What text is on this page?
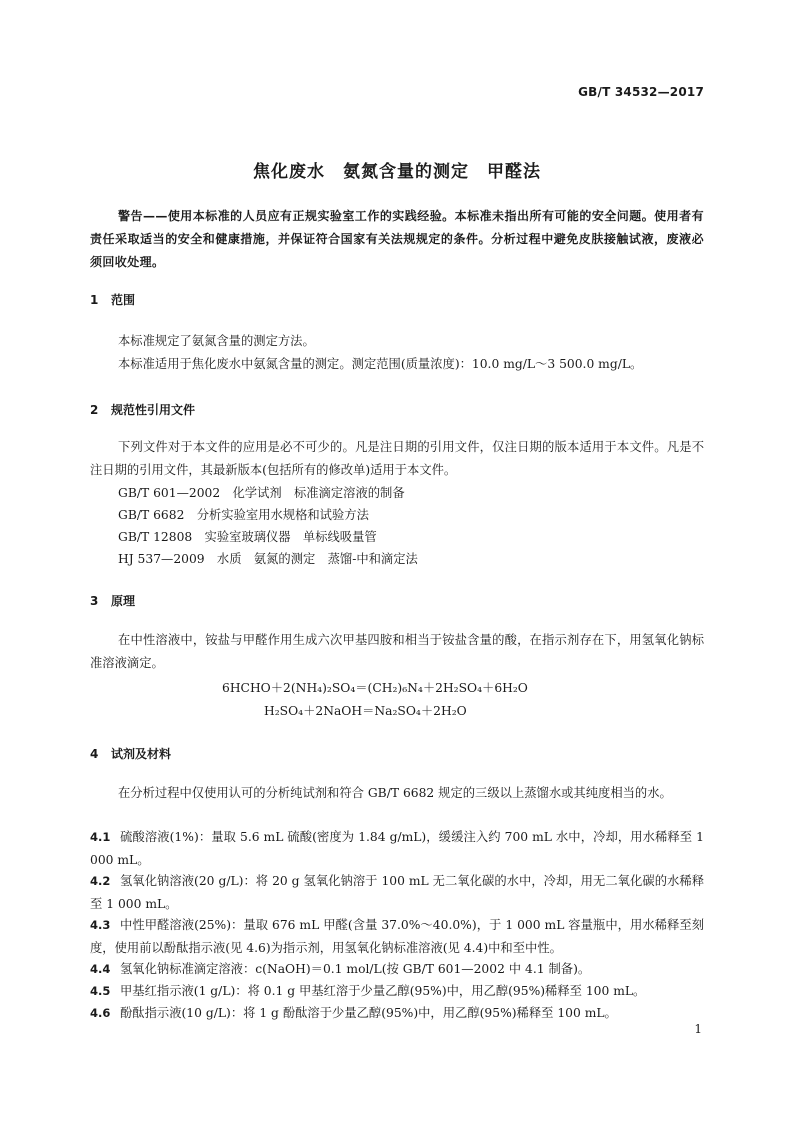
GB/T 34532—2017
焦化废水　氨氮含量的测定　甲醛法
警告——使用本标准的人员应有正规实验室工作的实践经验。本标准未指出所有可能的安全问题。使用者有责任采取适当的安全和健康措施，并保证符合国家有关法规规定的条件。分析过程中避免皮肤接触试液，废液必须回收处理。
1 范围
本标准规定了氨氮含量的测定方法。
本标准适用于焦化废水中氨氮含量的测定。测定范围(质量浓度)：10.0 mg/L～3 500.0 mg/L。
2 规范性引用文件
下列文件对于本文件的应用是必不可少的。凡是注日期的引用文件，仅注日期的版本适用于本文件。凡是不注日期的引用文件，其最新版本(包括所有的修改单)适用于本文件。
GB/T 601—2002　化学试剂　标准滴定溶液的制备
GB/T 6682　分析实验室用水规格和试验方法
GB/T 12808　实验室玻璃仪器　单标线吸量管
HJ 537—2009　水质　氨氮的测定　蒸馏-中和滴定法
3 原理
在中性溶液中，铵盐与甲醛作用生成六次甲基四胺和相当于铵盐含量的酸，在指示剂存在下，用氢氧化钠标准溶液滴定。
6HCHO＋2(NH₄)₂SO₄＝(CH₂)₆N₄＋2H₂SO₄＋6H₂O
H₂SO₄＋2NaOH＝Na₂SO₄＋2H₂O
4 试剂及材料
在分析过程中仅使用认可的分析纯试剂和符合 GB/T 6682 规定的三级以上蒸馏水或其纯度相当的水。
4.1 硫酸溶液(1%)：量取 5.6 mL 硫酸(密度为 1.84 g/mL)，缓缓注入约 700 mL 水中，冷却，用水稀释至 1 000 mL。
4.2 氢氧化钠溶液(20 g/L)：将 20 g 氢氧化钠溶于 100 mL 无二氧化碳的水中，冷却，用无二氧化碳的水稀释至 1 000 mL。
4.3 中性甲醛溶液(25%)：量取 676 mL 甲醛(含量 37.0%～40.0%)，于 1 000 mL 容量瓶中，用水稀释至刻度，使用前以酚酞指示液(见 4.6)为指示剂，用氢氧化钠标准溶液(见 4.4)中和至中性。
4.4 氢氧化钠标准滴定溶液：c(NaOH)＝0.1 mol/L(按 GB/T 601—2002 中 4.1 制备)。
4.5 甲基红指示液(1 g/L)：将 0.1 g 甲基红溶于少量乙醇(95%)中，用乙醇(95%)稀释至 100 mL。
4.6 酚酞指示液(10 g/L)：将 1 g 酚酞溶于少量乙醇(95%)中，用乙醇(95%)稀释至 100 mL。
1
